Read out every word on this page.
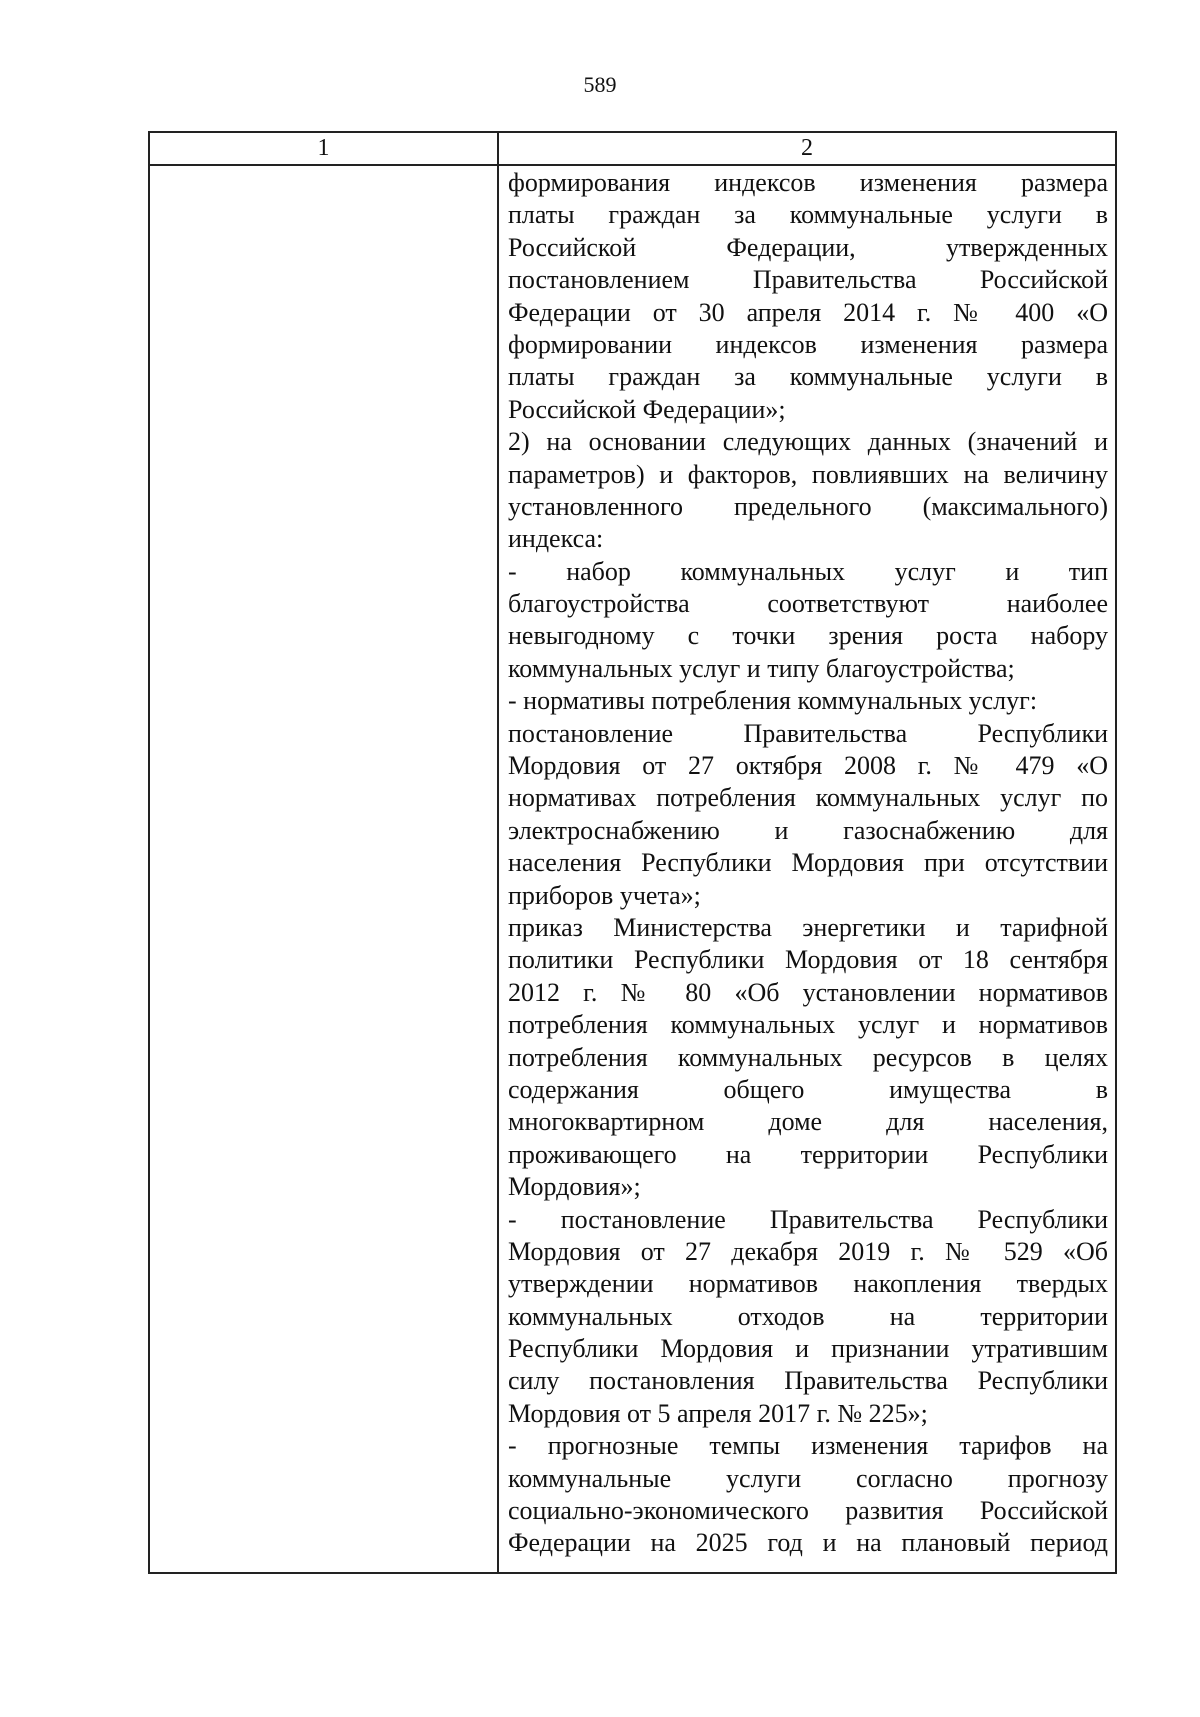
589
1	2
формирования индексов изменения размера
платы граждан за коммунальные услуги в
Российской Федерации, утвержденных
постановлением Правительства Российской
Федерации от 30 апреля 2014 г. № 400 «О
формировании индексов изменения размера
платы граждан за коммунальные услуги в
Российской Федерации»;
2) на основании следующих данных (значений и
параметров) и факторов, повлиявших на величину
установленного предельного (максимального)
индекса:
- набор коммунальных услуг и тип
благоустройства соответствуют наиболее
невыгодному с точки зрения роста набору
коммунальных услуг и типу благоустройства;
- нормативы потребления коммунальных услуг:
постановление Правительства Республики
Мордовия от 27 октября 2008 г. № 479 «О
нормативах потребления коммунальных услуг по
электроснабжению и газоснабжению для
населения Республики Мордовия при отсутствии
приборов учета»;
приказ Министерства энергетики и тарифной
политики Республики Мордовия от 18 сентября
2012 г. № 80 «Об установлении нормативов
потребления коммунальных услуг и нормативов
потребления коммунальных ресурсов в целях
содержания общего имущества в
многоквартирном доме для населения,
проживающего на территории Республики
Мордовия»;
- постановление Правительства Республики
Мордовия от 27 декабря 2019 г. № 529 «Об
утверждении нормативов накопления твердых
коммунальных отходов на территории
Республики Мордовия и признании утратившим
силу постановления Правительства Республики
Мордовия от 5 апреля 2017 г. № 225»;
- прогнозные темпы изменения тарифов на
коммунальные услуги согласно прогнозу
социально-экономического развития Российской
Федерации на 2025 год и на плановый период
